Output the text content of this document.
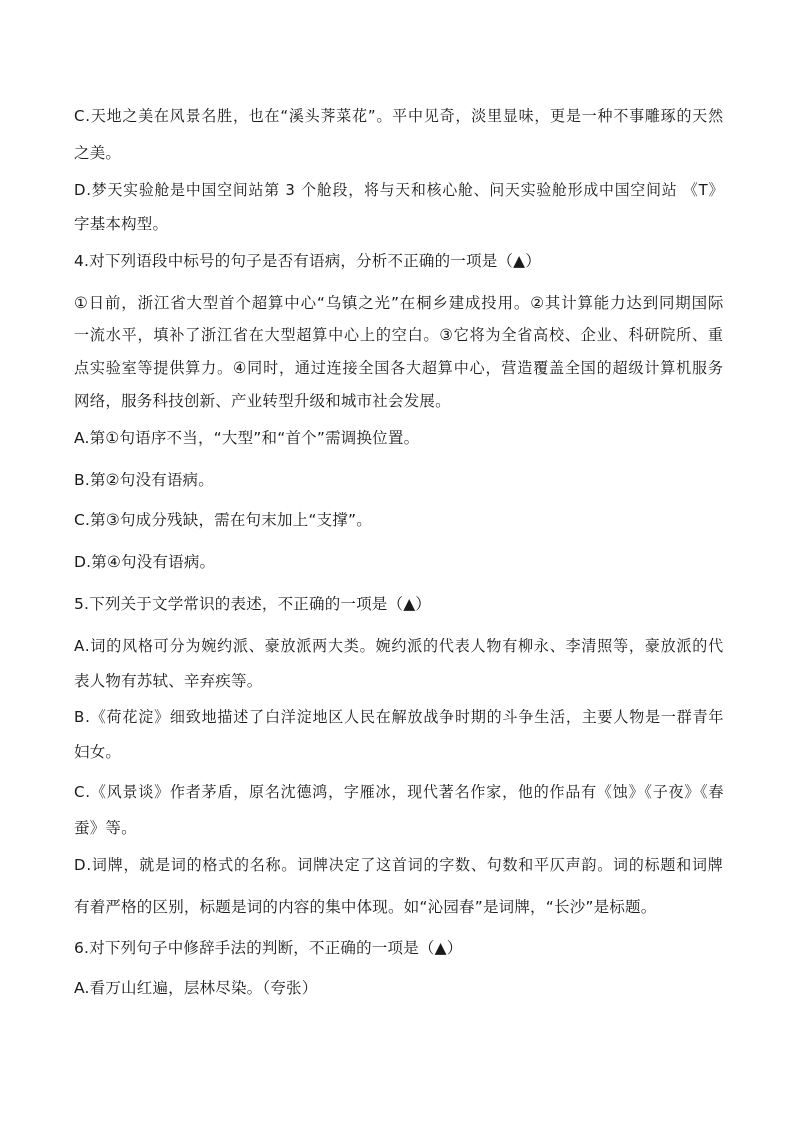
C.天地之美在风景名胜，也在“溪头荠菜花”。平中见奇，淡里显味，更是一种不事雕琢的天然
之美。
D.梦天实验舱是中国空间站第 3 个舱段，将与天和核心舱、问天实验舱形成中国空间站 《T》
字基本构型。
4.对下列语段中标号的句子是否有语病，分析不正确的一项是（▲）
①日前，浙江省大型首个超算中心“乌镇之光”在桐乡建成投用。②其计算能力达到同期国际
一流水平，填补了浙江省在大型超算中心上的空白。③它将为全省高校、企业、科研院所、重
点实验室等提供算力。④同时，通过连接全国各大超算中心，营造覆盖全国的超级计算机服务
网络，服务科技创新、产业转型升级和城市社会发展。
A.第①句语序不当，“大型”和“首个”需调换位置。
B.第②句没有语病。
C.第③句成分残缺，需在句末加上“支撑”。
D.第④句没有语病。
5.下列关于文学常识的表述，不正确的一项是（▲）
A.词的风格可分为婉约派、豪放派两大类。婉约派的代表人物有柳永、李清照等，豪放派的代
表人物有苏轼、辛弃疾等。
B.《荷花淀》细致地描述了白洋淀地区人民在解放战争时期的斗争生活，主要人物是一群青年
妇女。
C.《风景谈》作者茅盾，原名沈德鸿，字雁冰，现代著名作家，他的作品有《蚀》《子夜》《春
蚕》等。
D.词牌，就是词的格式的名称。词牌决定了这首词的字数、句数和平仄声韵。词的标题和词牌
有着严格的区别，标题是词的内容的集中体现。如“沁园春”是词牌，“长沙”是标题。
6.对下列句子中修辞手法的判断，不正确的一项是（▲）
A.看万山红遍，层林尽染。（夸张）
